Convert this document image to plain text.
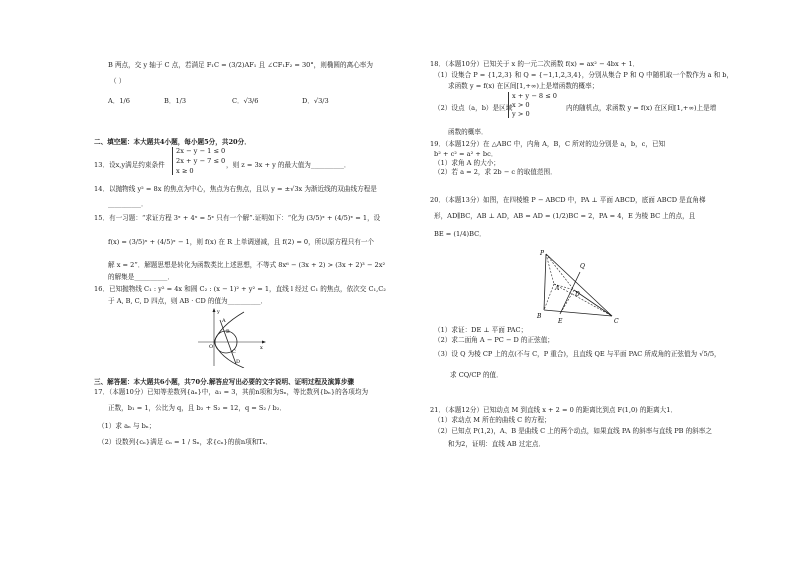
B 两点，交 y 轴于 C 点，若满足 F₁C = (3/2)AF₁ 且 ∠CF₁F₂ = 30°，则椭圆的离心率为
（ ）
A．1/6	B．1/3	C．√3/6	D．√3/3
二、填空题：本大题共4小题，每小题5分，共20分．
13．设x,y满足约束条件
2x − y − 1 ≤ 0
2x + y − 7 ≤ 0
x ≥ 0
，则 z = 3x + y 的最大值为__________．
14．以抛物线 y² = 8x 的焦点为中心，焦点为右焦点，且以 y = ±√3x 为渐近线的双曲线方程是
__________．
15．有一习题：“求证方程 3ˣ + 4ˣ = 5ˣ 只有一个解”.证明如下：“化为 (3/5)ˣ + (4/5)ˣ = 1，设
f(x) = (3/5)ˣ + (4/5)ˣ − 1，则 f(x) 在 R 上单调递减，且 f(2) = 0，所以原方程只有一个
解 x = 2”．解题思想是转化为函数类比上述思想，不等式 8x⁶ − (3x + 2) > (3x + 2)³ − 2x²
的解集是__________．
16．已知抛物线 C₁ : y² = 4x 和圆 C₂ : (x − 1)² + y² = 1，直线 l 经过 C₁ 的焦点，依次交 C₁,C₂
于 A, B, C, D 四点，则 AB · CD 的值为__________．
A
B
C
D
O	x
y
三、解答题：本大题共6小题，共70分.解答应写出必要的文字说明、证明过程及演算步骤
17．（本题10分）已知等差数列{aₙ}中，a₁ = 3，其前n项和为Sₙ，等比数列{bₙ}的各项均为
正数，b₁ = 1，公比为 q，且 b₂ + S₂ = 12，q = S₂ / b₂．
（1）求 aₙ 与 bₙ；
（2）设数列{cₙ}满足 cₙ = 1 / Sₙ，求{cₙ}的前n项和Tₙ．
18．（本题10分）已知关于 x 的一元二次函数 f(x) = ax² − 4bx + 1．
（1）设集合 P = {1,2,3} 和 Q = {−1,1,2,3,4}，分别从集合 P 和 Q 中随机取一个数作为 a 和 b，
求函数 y = f(x) 在区间[1,+∞)上是增函数的概率；
（2）设点（a，b）是区域
x + y − 8 ≤ 0
x > 0
y > 0
内的随机点，求函数 y = f(x) 在区间[1,+∞)上是增
函数的概率．
19．（本题12分）在 △ABC 中，内角 A，B，C 所对的边分别是 a，b，c，已知
b² + c² = a² + bc．
（1）求角 A 的大小；
（2）若 a = 2，求 2b − c 的取值范围．
20．（本题13分）如图，在四棱锥 P − ABCD 中，PA ⊥ 平面 ABCD，底面 ABCD 是直角梯
形，AD∥BC，AB ⊥ AD，AB = AD = (1/2)BC = 2，PA = 4，E 为棱 BC 上的点，且
BE = (1/4)BC．
P
Q
A
D
B
E	C
（1）求证：DE ⊥ 平面 PAC；
（2）求二面角 A − PC − D 的正弦值；
（3）设 Q 为棱 CP 上的点(不与 C，P 重合)，且直线 QE 与平面 PAC 所成角的正弦值为 √5/5，
求 CQ/CP 的值．
21．（本题12分）已知动点 M 到直线 x + 2 = 0 的距离比到点 F(1,0) 的距离大1．
（1）求动点 M 所在的曲线 C 的方程；
（2）已知点 P(1,2)，A、B 是曲线 C 上的两个动点，如果直线 PA 的斜率与直线 PB 的斜率之
和为2，证明：直线 AB 过定点．
